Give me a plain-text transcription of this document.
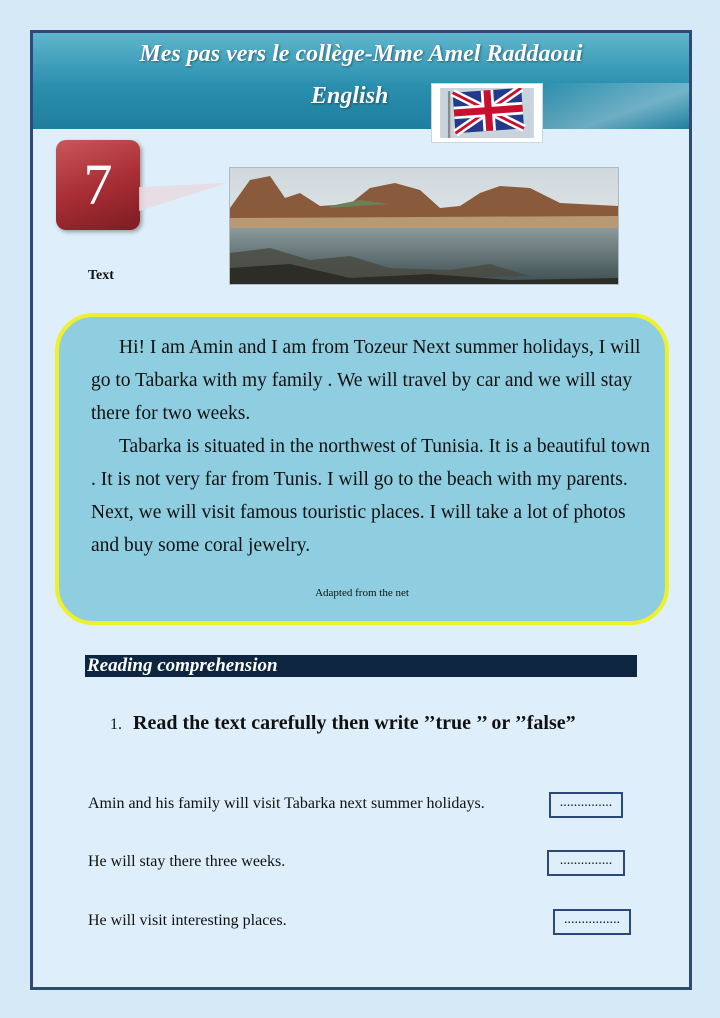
Mes pas vers le collège-Mme Amel Raddaoui
English
7
Text

Hi! I am Amin and I am from Tozeur Next summer holidays, I will go to Tabarka with my family . We will travel by car and we will stay there for two weeks.

Tabarka is situated in the northwest of Tunisia. It is a beautiful town . It is not very far from Tunis. I will go to the beach with my parents. Next, we will visit famous touristic places. I will take a lot of photos and buy some coral jewelry.

Adapted from the net
Reading comprehension
1. Read the text carefully then write ’’true ’’ or ’’false”
Amin and his family will visit Tabarka next summer holidays.	...............
He will stay there three weeks.	...............
He will visit interesting places.	................
